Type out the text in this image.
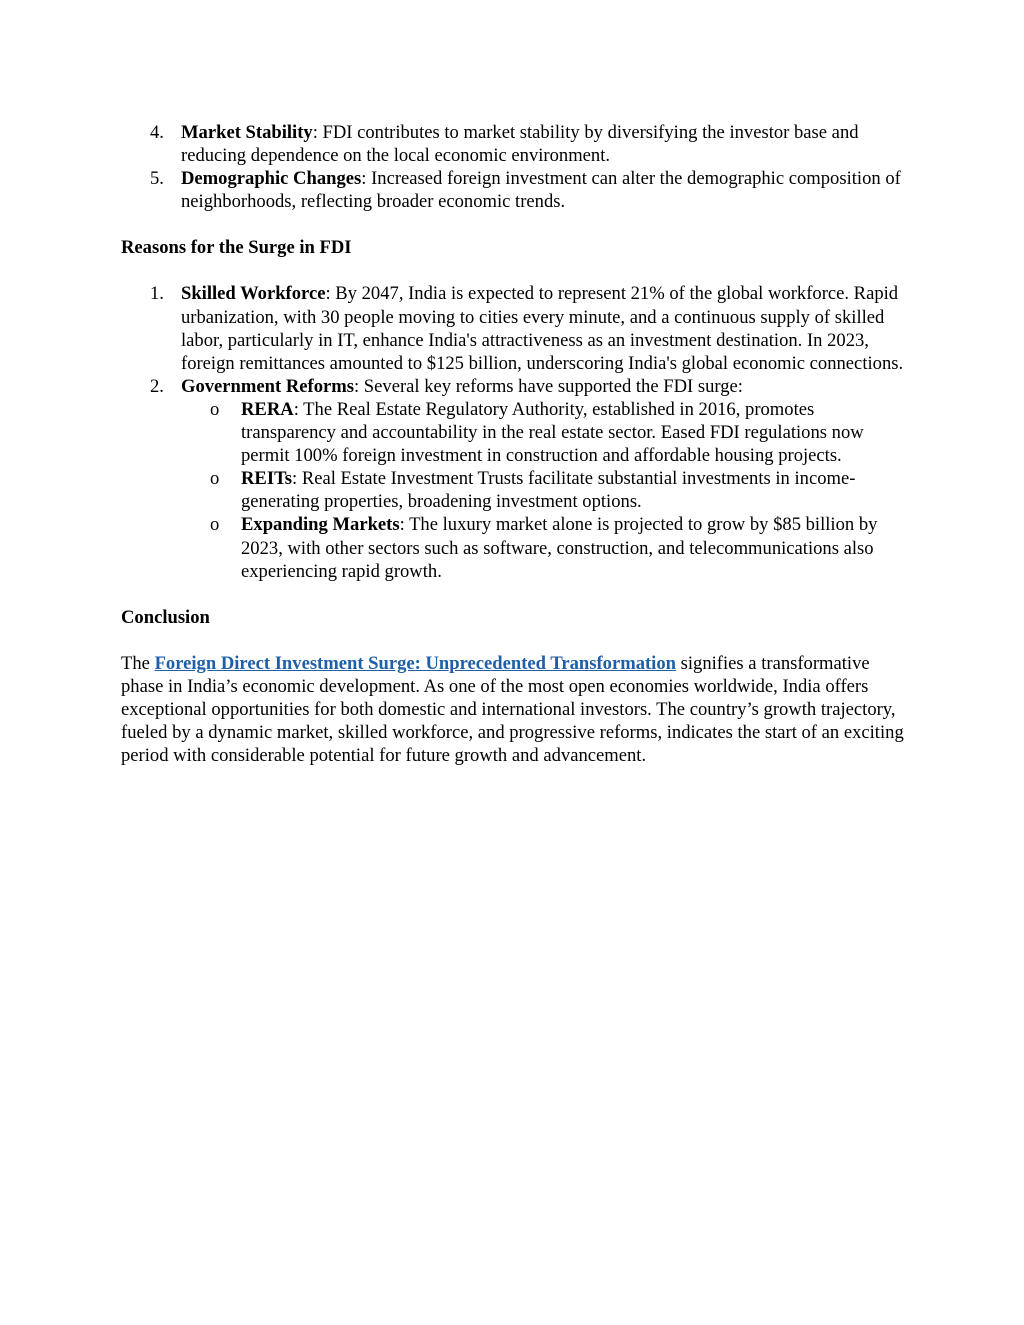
4. Market Stability: FDI contributes to market stability by diversifying the investor base and reducing dependence on the local economic environment.
5. Demographic Changes: Increased foreign investment can alter the demographic composition of neighborhoods, reflecting broader economic trends.

Reasons for the Surge in FDI

1. Skilled Workforce: By 2047, India is expected to represent 21% of the global workforce. Rapid urbanization, with 30 people moving to cities every minute, and a continuous supply of skilled labor, particularly in IT, enhance India's attractiveness as an investment destination. In 2023, foreign remittances amounted to $125 billion, underscoring India's global economic connections.
2. Government Reforms: Several key reforms have supported the FDI surge:
o RERA: The Real Estate Regulatory Authority, established in 2016, promotes transparency and accountability in the real estate sector. Eased FDI regulations now permit 100% foreign investment in construction and affordable housing projects.
o REITs: Real Estate Investment Trusts facilitate substantial investments in income-generating properties, broadening investment options.
o Expanding Markets: The luxury market alone is projected to grow by $85 billion by 2023, with other sectors such as software, construction, and telecommunications also experiencing rapid growth.

Conclusion

The Foreign Direct Investment Surge: Unprecedented Transformation signifies a transformative phase in India’s economic development. As one of the most open economies worldwide, India offers exceptional opportunities for both domestic and international investors. The country’s growth trajectory, fueled by a dynamic market, skilled workforce, and progressive reforms, indicates the start of an exciting period with considerable potential for future growth and advancement.
